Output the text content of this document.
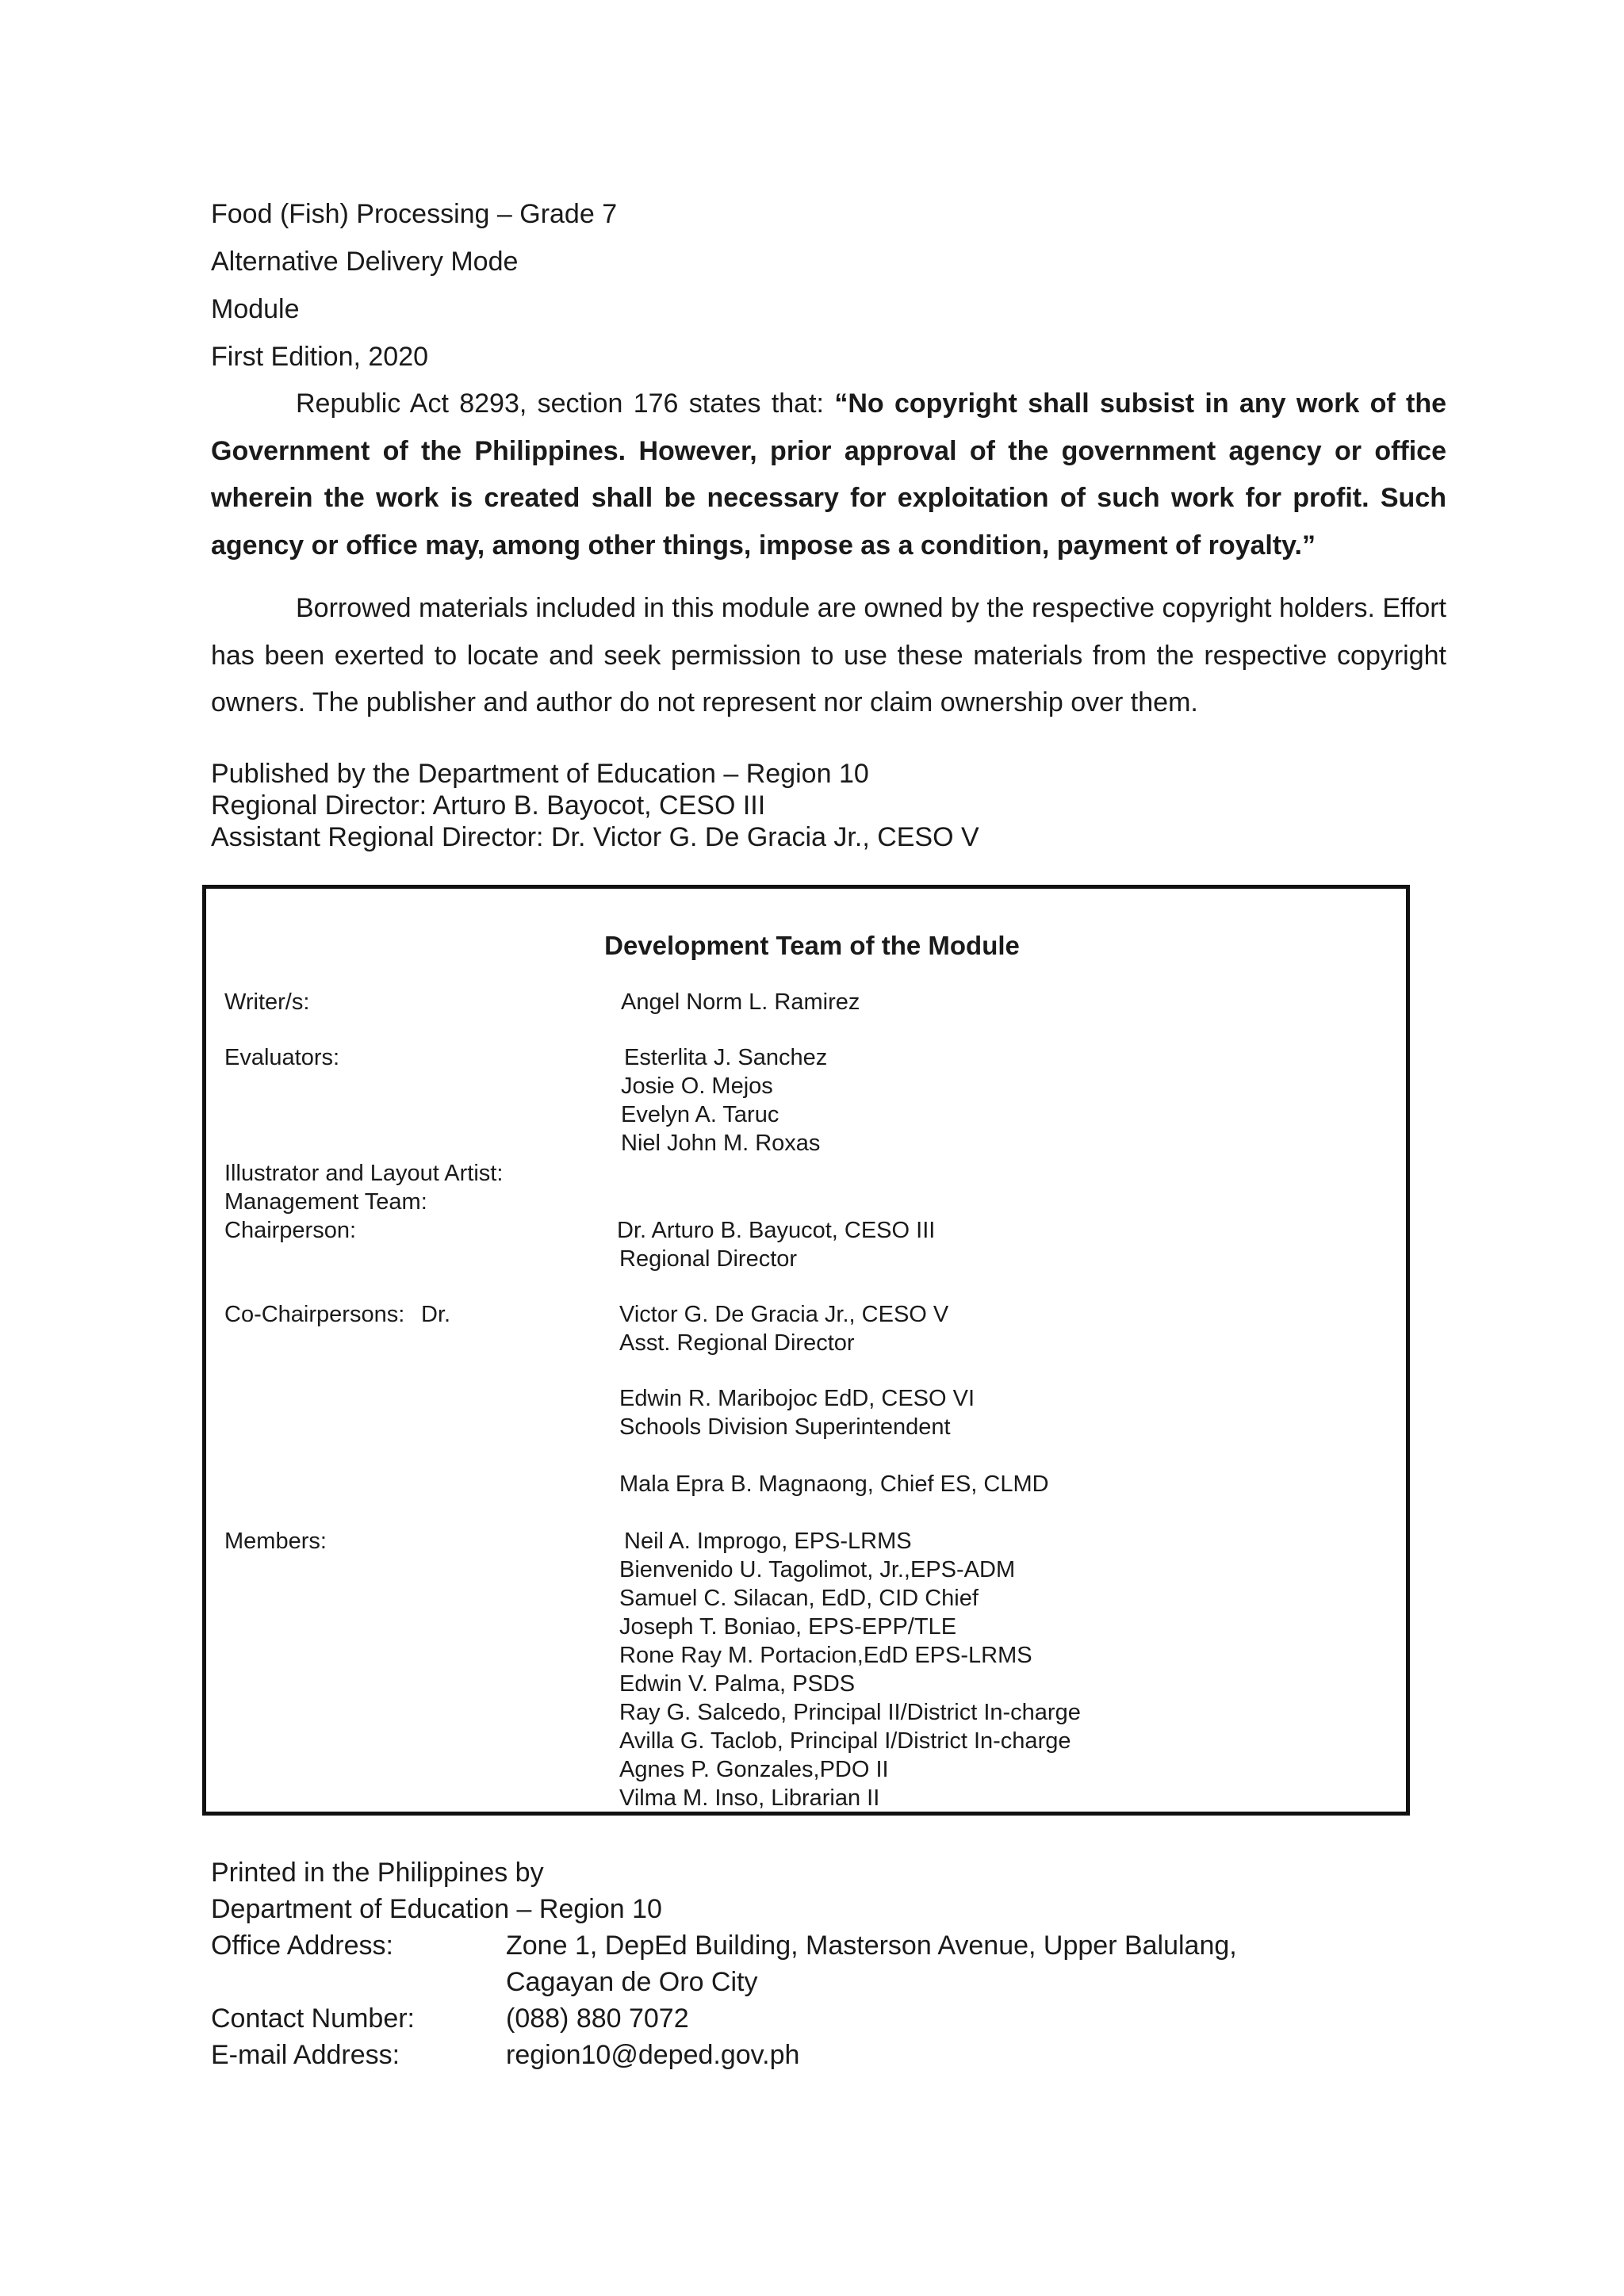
Food (Fish) Processing – Grade 7
Alternative Delivery Mode
Module
First Edition, 2020
Republic Act 8293, section 176 states that: “No copyright shall subsist in any work of the Government of the Philippines. However, prior approval of the government agency or office wherein the work is created shall be necessary for exploitation of such work for profit. Such agency or office may, among other things, impose as a condition, payment of royalty.”
Borrowed materials included in this module are owned by the respective copyright holders. Effort has been exerted to locate and seek permission to use these materials from the respective copyright owners. The publisher and author do not represent nor claim ownership over them.
Published by the Department of Education – Region 10
Regional Director: Arturo B. Bayocot, CESO III
Assistant Regional Director: Dr. Victor G. De Gracia Jr., CESO V
Development Team of the Module
Writer/s:	Angel Norm L. Ramirez
Evaluators:	Esterlita J. Sanchez
Josie O. Mejos
Evelyn A. Taruc
Niel John M. Roxas
Illustrator and Layout Artist:
Management Team:
Chairperson:	Dr. Arturo B. Bayucot, CESO III
Regional Director
Co-Chairpersons: Dr.	Victor G. De Gracia Jr., CESO V
Asst. Regional Director
Edwin R. Maribojoc EdD, CESO VI
Schools Division Superintendent
Mala Epra B. Magnaong, Chief ES, CLMD
Members:	Neil A. Improgo, EPS-LRMS
Bienvenido U. Tagolimot, Jr.,EPS-ADM
Samuel C. Silacan, EdD, CID Chief
Joseph T. Boniao, EPS-EPP/TLE
Rone Ray M. Portacion,EdD EPS-LRMS
Edwin V. Palma, PSDS
Ray G. Salcedo, Principal II/District In-charge
Avilla G. Taclob, Principal I/District In-charge
Agnes P. Gonzales,PDO II
Vilma M. Inso, Librarian II
Printed in the Philippines by
Department of Education – Region 10
Office Address:	Zone 1, DepEd Building, Masterson Avenue, Upper Balulang,
Cagayan de Oro City
Contact Number:	(088) 880 7072
E-mail Address:	region10@deped.gov.ph
